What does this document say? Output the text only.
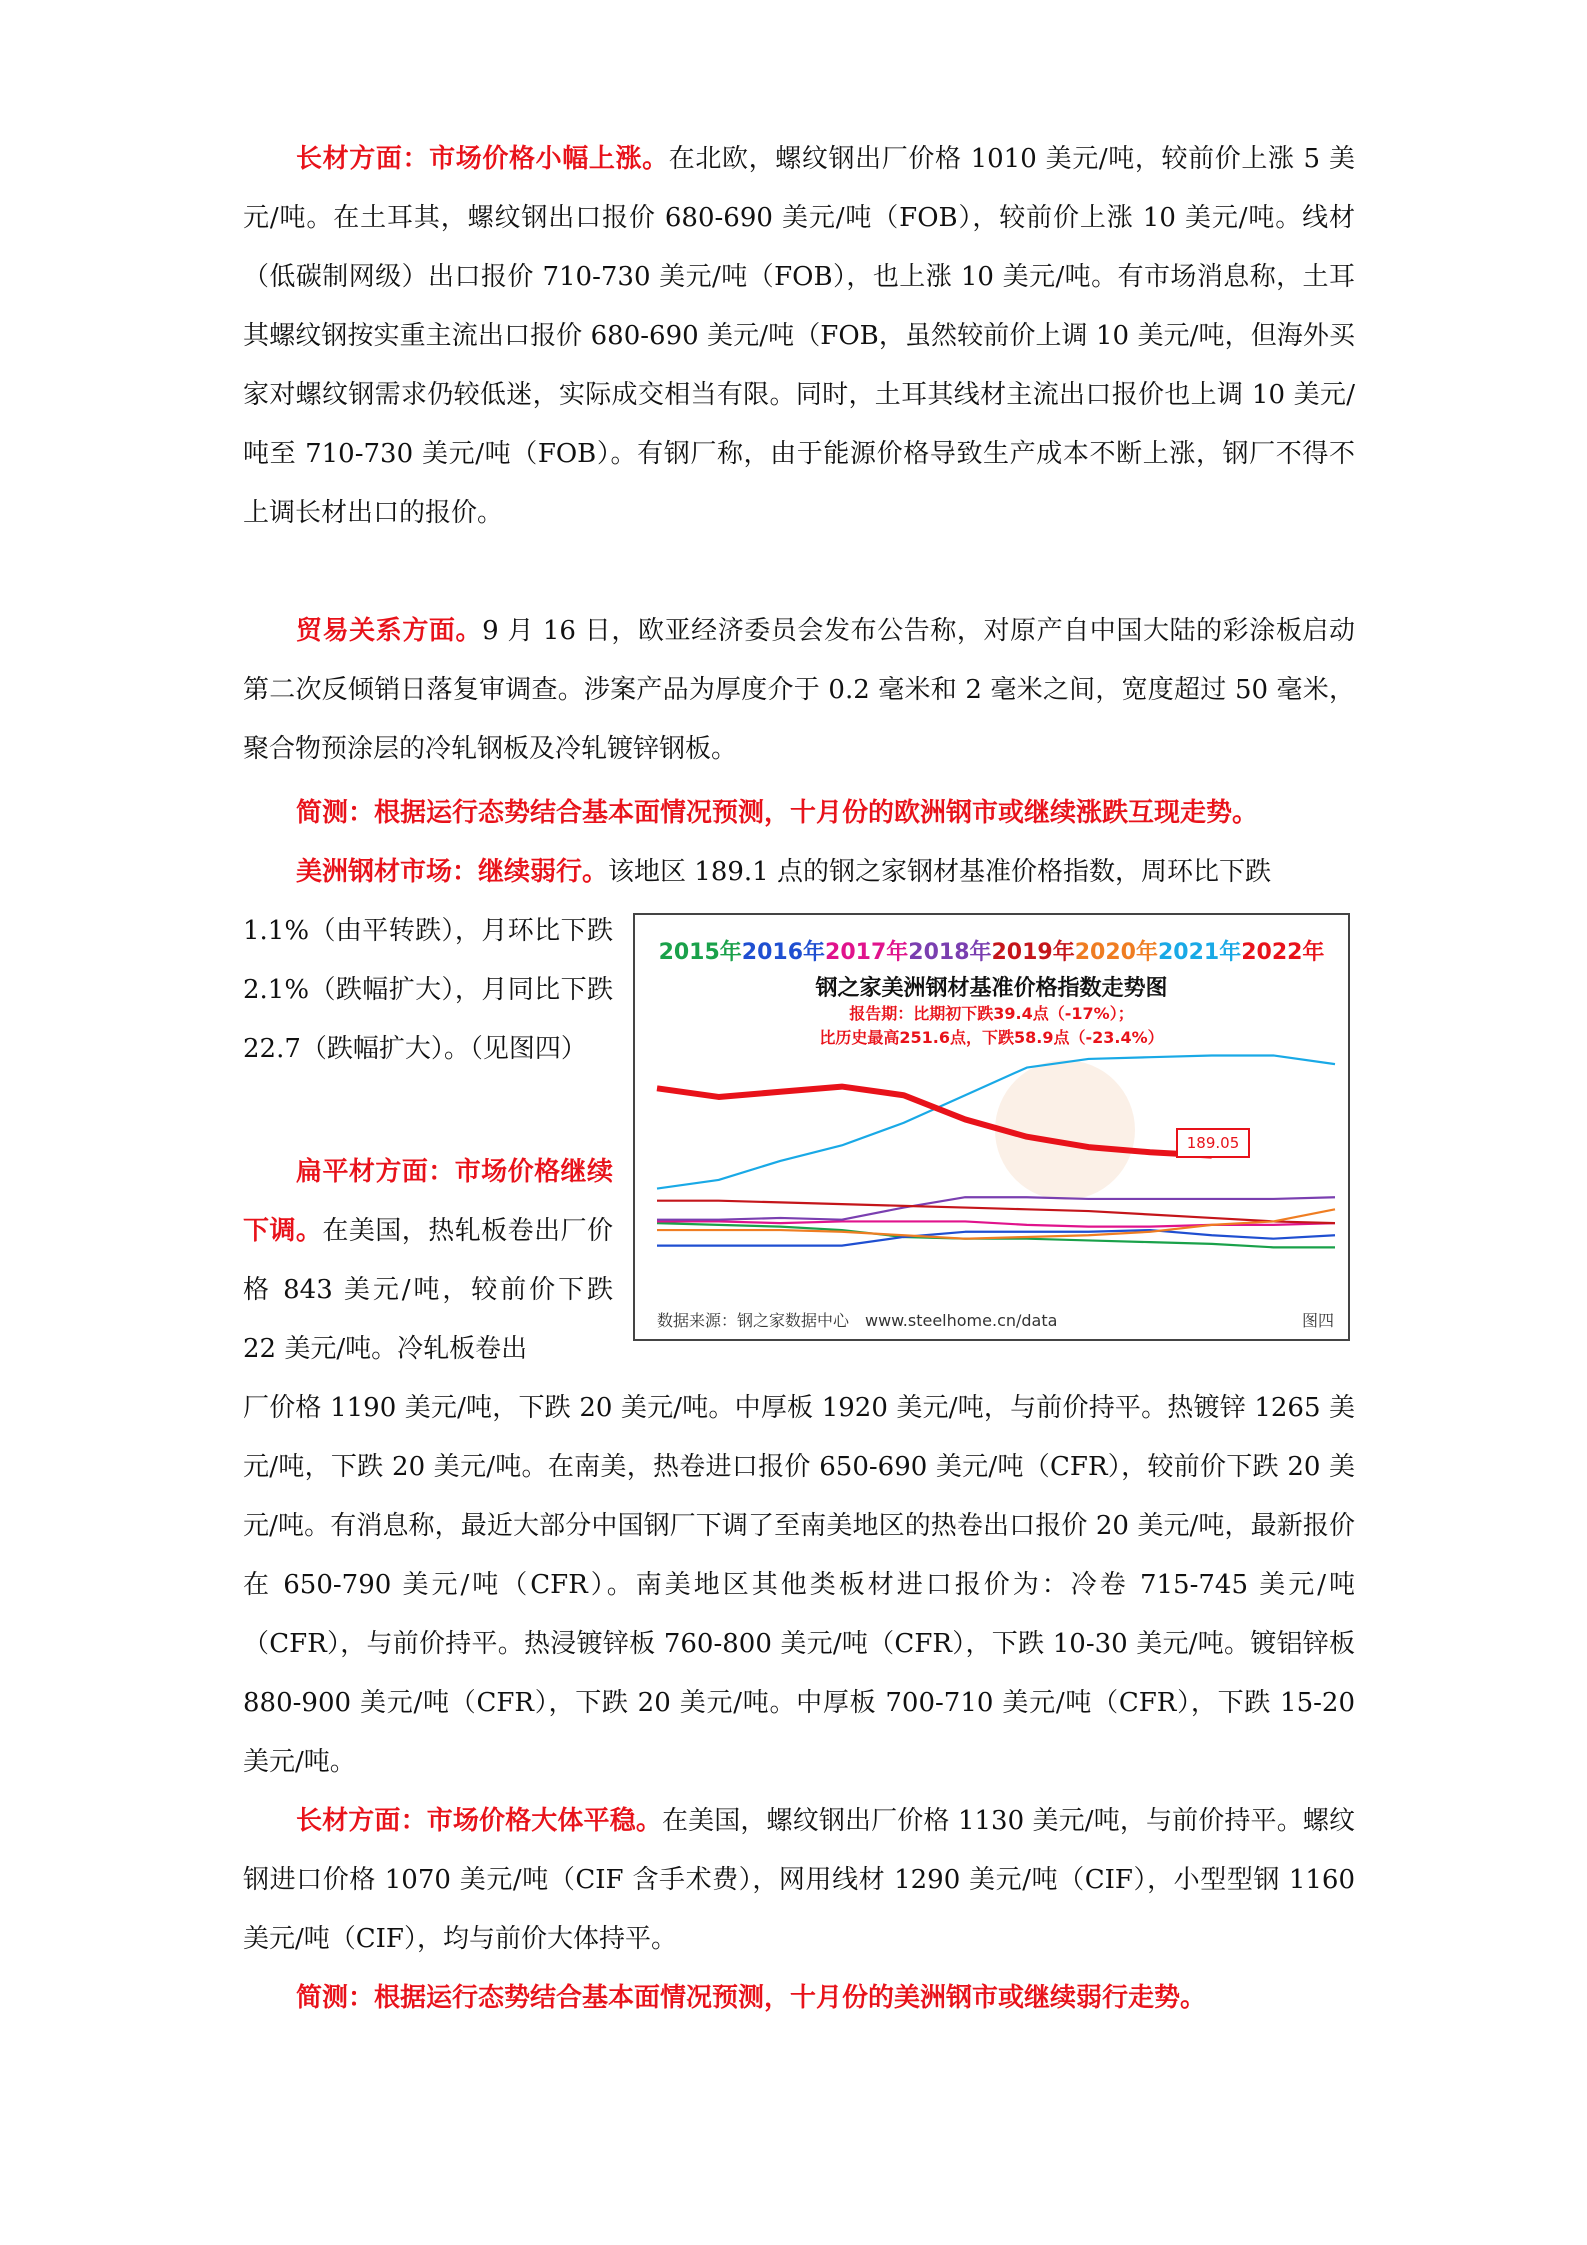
长材方面：市场价格小幅上涨。在北欧，螺纹钢出厂价格 1010 美元/吨，较前价上涨 5 美元/吨。在土耳其，螺纹钢出口报价 680-690 美元/吨（FOB），较前价上涨 10 美元/吨。线材（低碳制网级）出口报价 710-730 美元/吨（FOB），也上涨 10 美元/吨。有市场消息称，土耳其螺纹钢按实重主流出口报价 680-690 美元/吨（FOB，虽然较前价上调 10 美元/吨，但海外买家对螺纹钢需求仍较低迷，实际成交相当有限。同时，土耳其线材主流出口报价也上调 10 美元/吨至 710-730 美元/吨（FOB）。有钢厂称，由于能源价格导致生产成本不断上涨，钢厂不得不上调长材出口的报价。

贸易关系方面。9 月 16 日，欧亚经济委员会发布公告称，对原产自中国大陆的彩涂板启动第二次反倾销日落复审调查。涉案产品为厚度介于 0.2 毫米和 2 毫米之间，宽度超过 50 毫米，聚合物预涂层的冷轧钢板及冷轧镀锌钢板。

简测：根据运行态势结合基本面情况预测，十月份的欧洲钢市或继续涨跌互现走势。
美洲钢材市场：继续弱行。该地区 189.1 点的钢之家钢材基准价格指数，周环比下跌
1.1%（由平转跌），月环比下跌 2.1%（跌幅扩大），月同比下跌 22.7（跌幅扩大）。（见图四）
扁平材方面：市场价格继续下调。在美国，热轧板卷出厂价格 843 美元/吨，较前价下跌 22 美元/吨。冷轧板卷出

厂价格 1190 美元/吨，下跌 20 美元/吨。中厚板 1920 美元/吨，与前价持平。热镀锌 1265 美元/吨，下跌 20 美元/吨。在南美，热卷进口报价 650-690 美元/吨（CFR），较前价下跌 20 美元/吨。有消息称，最近大部分中国钢厂下调了至南美地区的热卷出口报价 20 美元/吨，最新报价在 650-790 美元/吨（CFR）。南美地区其他类板材进口报价为：冷卷 715-745 美元/吨（CFR），与前价持平。热浸镀锌板 760-800 美元/吨（CFR），下跌 10-30 美元/吨。镀铝锌板 880-900 美元/吨（CFR），下跌 20 美元/吨。中厚板 700-710 美元/吨（CFR），下跌 15-20 美元/吨。

长材方面：市场价格大体平稳。在美国，螺纹钢出厂价格 1130 美元/吨，与前价持平。螺纹钢进口价格 1070 美元/吨（CIF 含手术费），网用线材 1290 美元/吨（CIF），小型型钢 1160 美元/吨（CIF），均与前价大体持平。

简测：根据运行态势结合基本面情况预测，十月份的美洲钢市或继续弱行走势。
2015年2016年2017年2018年2019年2020年2021年2022年
钢之家美洲钢材基准价格指数走势图
报告期：比期初下跌39.4点（-17%）；
比历史最高251.6点，下跌58.9点（-23.4%）
189.05
数据来源：钢之家数据中心　www.steelhome.cn/data	图四
